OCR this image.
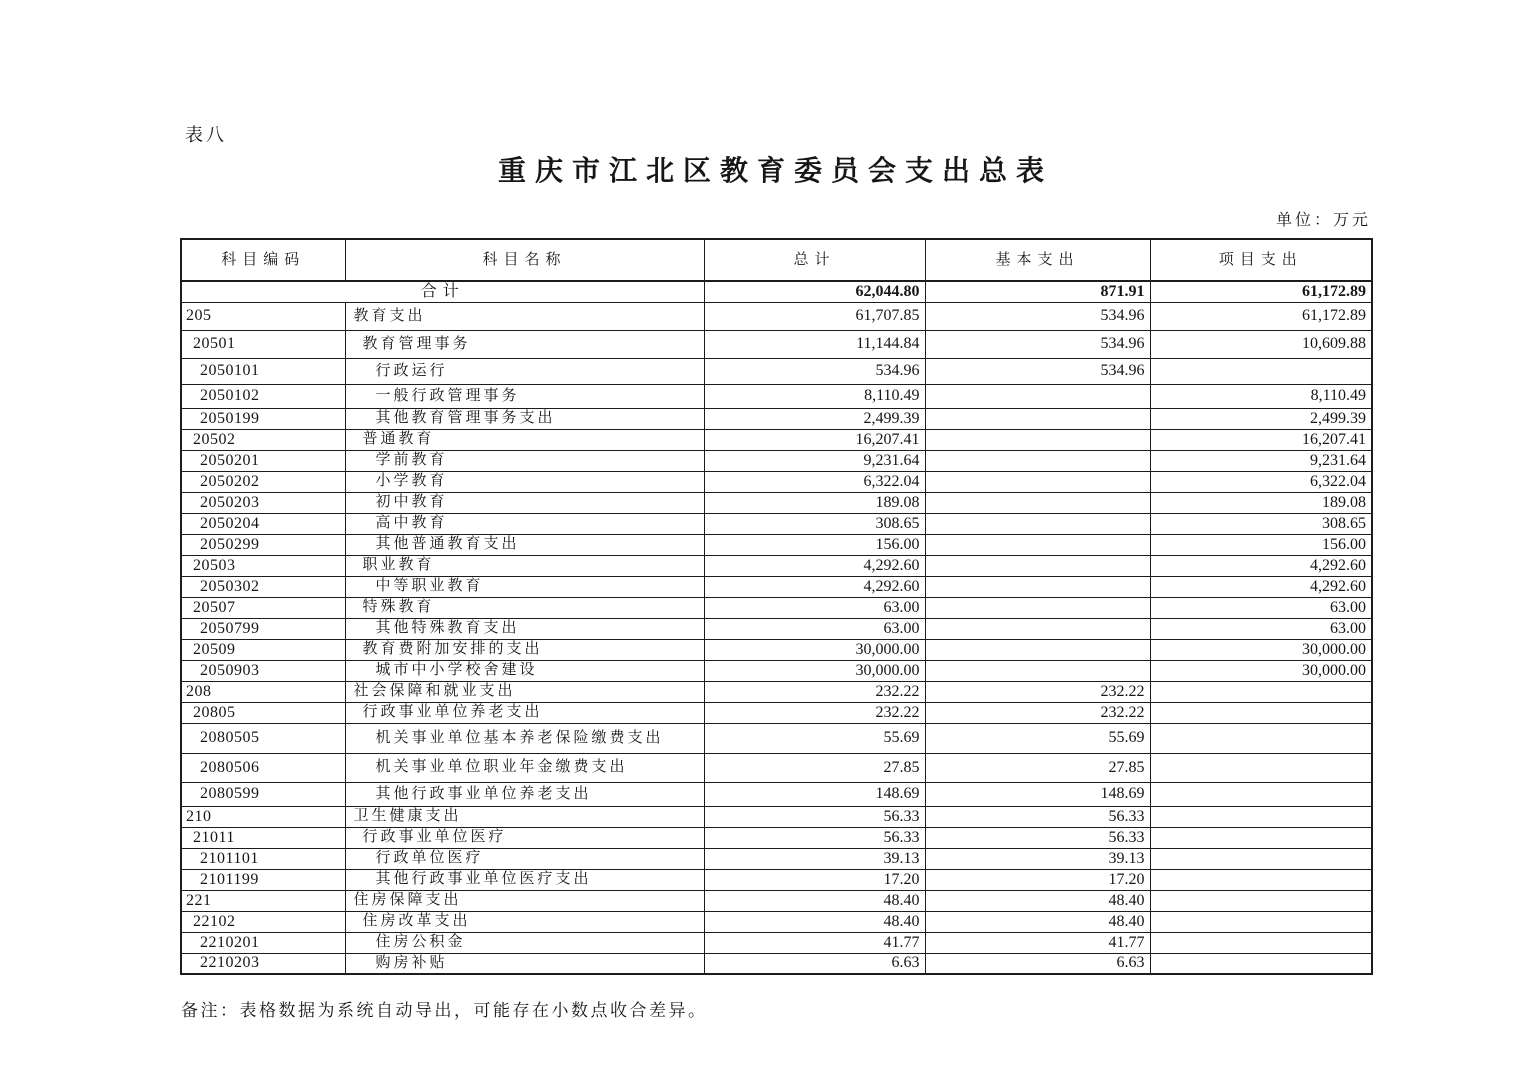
表八
重庆市江北区教育委员会支出总表
单位：万元
科目编码	科目名称	总计	基本支出	项目支出
合计		62,044.80	871.91	61,172.89
205	教育支出	61,707.85	534.96	61,172.89
20501	教育管理事务	11,144.84	534.96	10,609.88
2050101	行政运行	534.96	534.96	
2050102	一般行政管理事务	8,110.49		8,110.49
2050199	其他教育管理事务支出	2,499.39		2,499.39
20502	普通教育	16,207.41		16,207.41
2050201	学前教育	9,231.64		9,231.64
2050202	小学教育	6,322.04		6,322.04
2050203	初中教育	189.08		189.08
2050204	高中教育	308.65		308.65
2050299	其他普通教育支出	156.00		156.00
20503	职业教育	4,292.60		4,292.60
2050302	中等职业教育	4,292.60		4,292.60
20507	特殊教育	63.00		63.00
2050799	其他特殊教育支出	63.00		63.00
20509	教育费附加安排的支出	30,000.00		30,000.00
2050903	城市中小学校舍建设	30,000.00		30,000.00
208	社会保障和就业支出	232.22	232.22	
20805	行政事业单位养老支出	232.22	232.22	
2080505	机关事业单位基本养老保险缴费支出	55.69	55.69	
2080506	机关事业单位职业年金缴费支出	27.85	27.85	
2080599	其他行政事业单位养老支出	148.69	148.69	
210	卫生健康支出	56.33	56.33	
21011	行政事业单位医疗	56.33	56.33	
2101101	行政单位医疗	39.13	39.13	
2101199	其他行政事业单位医疗支出	17.20	17.20	
221	住房保障支出	48.40	48.40	
22102	住房改革支出	48.40	48.40	
2210201	住房公积金	41.77	41.77	
2210203	购房补贴	6.63	6.63	
备注：表格数据为系统自动导出，可能存在小数点收合差异。
